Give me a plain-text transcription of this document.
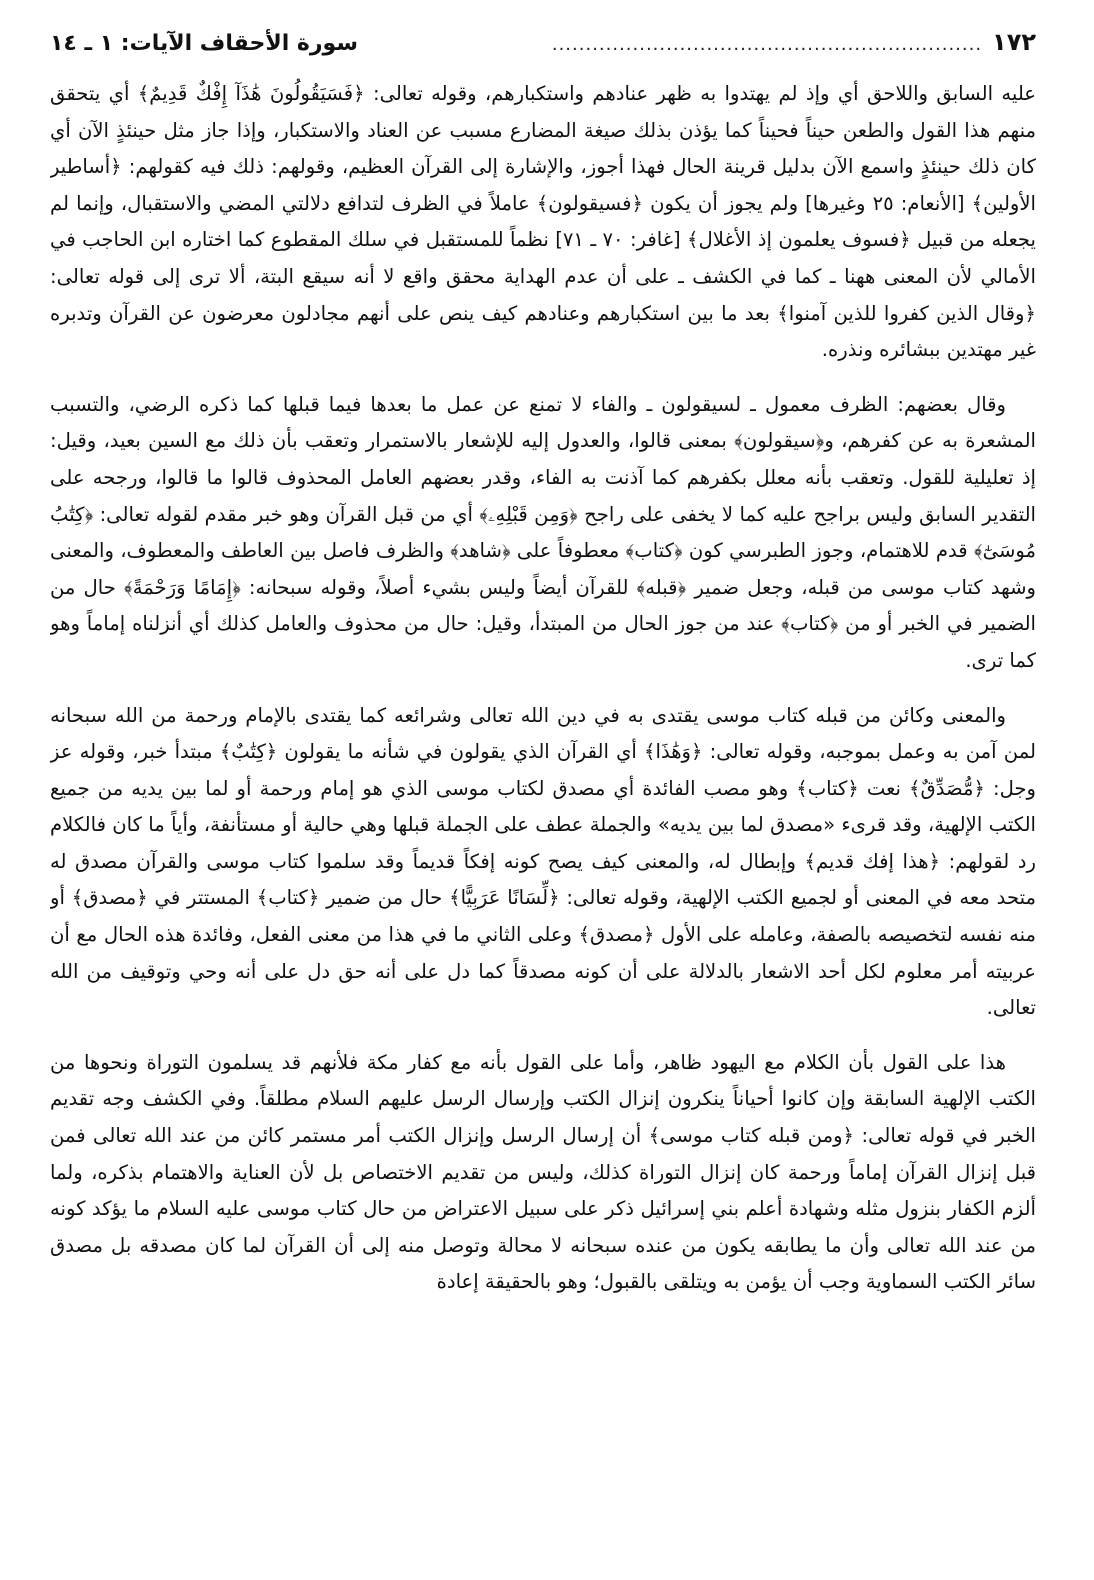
١٧٢
................................................................
سورة الأحقاف الآيات: ١ ـ ١٤

عليه السابق واللاحق أي وإذ لم يهتدوا به ظهر عنادهم واستكبارهم، وقوله تعالى: ﴿فَسَيَقُولُونَ هَٰذَآ إِفْكٌ قَدِيمٌ﴾ أي يتحقق منهم هذا القول والطعن حيناً فحيناً كما يؤذن بذلك صيغة المضارع مسبب عن العناد والاستكبار، وإذا جاز مثل حينئذٍ الآن أي كان ذلك حينئذٍ واسمع الآن بدليل قرينة الحال فهذا أجوز، والإشارة إلى القرآن العظيم، وقولهم: ذلك فيه كقولهم: ﴿أساطير الأولين﴾ [الأنعام: ٢٥ وغيرها] ولم يجوز أن يكون ﴿فسيقولون﴾ عاملاً في الظرف لتدافع دلالتي المضي والاستقبال، وإنما لم يجعله من قبيل ﴿فسوف يعلمون إذ الأغلال﴾ [غافر: ٧٠ ـ ٧١] نظماً للمستقبل في سلك المقطوع كما اختاره ابن الحاجب في الأمالي لأن المعنى ههنا ـ كما في الكشف ـ على أن عدم الهداية محقق واقع لا أنه سيقع البتة، ألا ترى إلى قوله تعالى: ﴿وقال الذين كفروا للذين آمنوا﴾ بعد ما بين استكبارهم وعنادهم كيف ينص على أنهم مجادلون معرضون عن القرآن وتدبره غير مهتدين ببشائره ونذره.

وقال بعضهم: الظرف معمول ـ لسيقولون ـ والفاء لا تمنع عن عمل ما بعدها فيما قبلها كما ذكره الرضي، والتسبب المشعرة به عن كفرهم، و﴿سيقولون﴾ بمعنى قالوا، والعدول إليه للإشعار بالاستمرار وتعقب بأن ذلك مع السين بعيد، وقيل: إذ تعليلية للقول. وتعقب بأنه معلل بكفرهم كما آذنت به الفاء، وقدر بعضهم العامل المحذوف قالوا ما قالوا، ورجحه على التقدير السابق وليس براجح عليه كما لا يخفى على راجح ﴿وَمِن قَبْلِهِۦ﴾ أي من قبل القرآن وهو خبر مقدم لقوله تعالى: ﴿كِتَٰبُ مُوسَىٰٓ﴾ قدم للاهتمام، وجوز الطبرسي كون ﴿كتاب﴾ معطوفاً على ﴿شاهد﴾ والظرف فاصل بين العاطف والمعطوف، والمعنى وشهد كتاب موسى من قبله، وجعل ضمير ﴿قبله﴾ للقرآن أيضاً وليس بشيء أصلاً، وقوله سبحانه: ﴿إِمَامًا وَرَحْمَةً﴾ حال من الضمير في الخبر أو من ﴿كتاب﴾ عند من جوز الحال من المبتدأ، وقيل: حال من محذوف والعامل كذلك أي أنزلناه إماماً وهو كما ترى.

والمعنى وكائن من قبله كتاب موسى يقتدى به في دين الله تعالى وشرائعه كما يقتدى بالإمام ورحمة من الله سبحانه لمن آمن به وعمل بموجبه، وقوله تعالى: ﴿وَهَٰذَا﴾ أي القرآن الذي يقولون في شأنه ما يقولون ﴿كِتَٰبٌ﴾ مبتدأ خبر، وقوله عز وجل: ﴿مُّصَدِّقٌ﴾ نعت ﴿كتاب﴾ وهو مصب الفائدة أي مصدق لكتاب موسى الذي هو إمام ورحمة أو لما بين يديه من جميع الكتب الإلهية، وقد قرىء «مصدق لما بين يديه» والجملة عطف على الجملة قبلها وهي حالية أو مستأنفة، وأياً ما كان فالكلام رد لقولهم: ﴿هذا إفك قديم﴾ وإبطال له، والمعنى كيف يصح كونه إفكاً قديماً وقد سلموا كتاب موسى والقرآن مصدق له متحد معه في المعنى أو لجميع الكتب الإلهية، وقوله تعالى: ﴿لِّسَانًا عَرَبِيًّا﴾ حال من ضمير ﴿كتاب﴾ المستتر في ﴿مصدق﴾ أو منه نفسه لتخصيصه بالصفة، وعامله على الأول ﴿مصدق﴾ وعلى الثاني ما في هذا من معنى الفعل، وفائدة هذه الحال مع أن عربيته أمر معلوم لكل أحد الاشعار بالدلالة على أن كونه مصدقاً كما دل على أنه حق دل على أنه وحي وتوقيف من الله تعالى.

هذا على القول بأن الكلام مع اليهود ظاهر، وأما على القول بأنه مع كفار مكة فلأنهم قد يسلمون التوراة ونحوها من الكتب الإلهية السابقة وإن كانوا أحياناً ينكرون إنزال الكتب وإرسال الرسل عليهم السلام مطلقاً. وفي الكشف وجه تقديم الخبر في قوله تعالى: ﴿ومن قبله كتاب موسى﴾ أن إرسال الرسل وإنزال الكتب أمر مستمر كائن من عند الله تعالى فمن قبل إنزال القرآن إماماً ورحمة كان إنزال التوراة كذلك، وليس من تقديم الاختصاص بل لأن العناية والاهتمام بذكره، ولما ألزم الكفار بنزول مثله وشهادة أعلم بني إسرائيل ذكر على سبيل الاعتراض من حال كتاب موسى عليه السلام ما يؤكد كونه من عند الله تعالى وأن ما يطابقه يكون من عنده سبحانه لا محالة وتوصل منه إلى أن القرآن لما كان مصدقه بل مصدق سائر الكتب السماوية وجب أن يؤمن به ويتلقى بالقبول؛ وهو بالحقيقة إعادة
